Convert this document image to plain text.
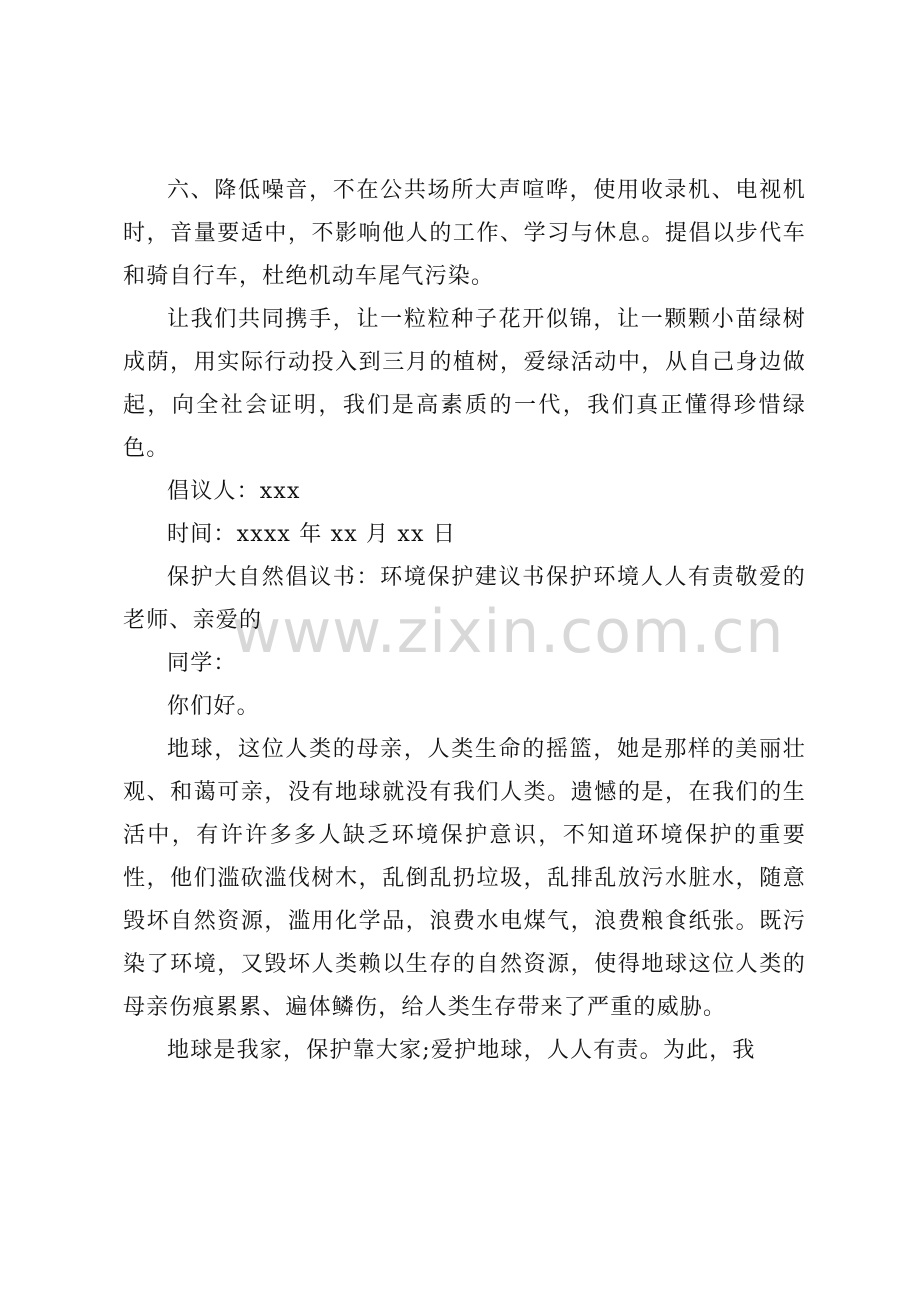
www.zixin.com.cn

六、降低噪音，不在公共场所大声喧哗，使用收录机、电视机时，音量要适中，不影响他人的工作、学习与休息。提倡以步代车和骑自行车，杜绝机动车尾气污染。

让我们共同携手，让一粒粒种子花开似锦，让一颗颗小苗绿树成荫，用实际行动投入到三月的植树，爱绿活动中，从自己身边做起，向全社会证明，我们是高素质的一代，我们真正懂得珍惜绿色。

倡议人：xxx

时间：xxxx 年 xx 月 xx 日

保护大自然倡议书：环境保护建议书保护环境人人有责敬爱的老师、亲爱的

同学：

你们好。

地球，这位人类的母亲，人类生命的摇篮，她是那样的美丽壮观、和蔼可亲，没有地球就没有我们人类。遗憾的是，在我们的生活中，有许许多多人缺乏环境保护意识，不知道环境保护的重要性，他们滥砍滥伐树木，乱倒乱扔垃圾，乱排乱放污水脏水，随意毁坏自然资源，滥用化学品，浪费水电煤气，浪费粮食纸张。既污染了环境，又毁坏人类赖以生存的自然资源，使得地球这位人类的母亲伤痕累累、遍体鳞伤，给人类生存带来了严重的威胁。

地球是我家，保护靠大家;爱护地球，人人有责。为此，我
